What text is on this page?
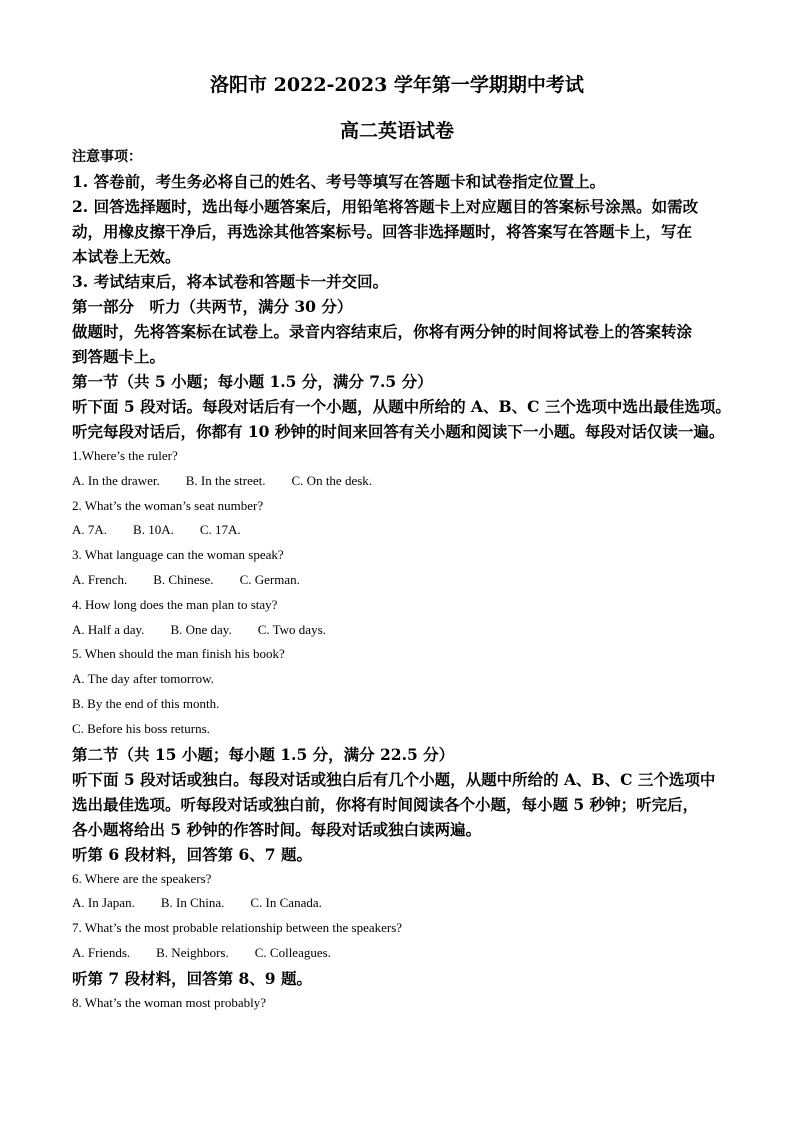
洛阳市 2022-2023 学年第一学期期中考试
高二英语试卷
注意事项：
1. 答卷前，考生务必将自己的姓名、考号等填写在答题卡和试卷指定位置上。
2. 回答选择题时，选出每小题答案后，用铅笔将答题卡上对应题目的答案标号涂黑。如需改
动，用橡皮擦干净后，再选涂其他答案标号。回答非选择题时，将答案写在答题卡上，写在
本试卷上无效。
3. 考试结束后，将本试卷和答题卡一并交回。
第一部分　听力（共两节，满分 30 分）
做题时，先将答案标在试卷上。录音内容结束后，你将有两分钟的时间将试卷上的答案转涂
到答题卡上。
第一节（共 5 小题；每小题 1.5 分，满分 7.5 分）
听下面 5 段对话。每段对话后有一个小题，从题中所给的 A、B、C 三个选项中选出最佳选项。
听完每段对话后，你都有 10 秒钟的时间来回答有关小题和阅读下一小题。每段对话仅读一遍。
1.Where’s the ruler?
A. In the drawer. B. In the street. C. On the desk.
2. What’s the woman’s seat number?
A. 7A. B. 10A. C. 17A.
3. What language can the woman speak?
A. French. B. Chinese. C. German.
4. How long does the man plan to stay?
A. Half a day. B. One day. C. Two days.
5. When should the man finish his book?
A. The day after tomorrow.
B. By the end of this month.
C. Before his boss returns.
第二节（共 15 小题；每小题 1.5 分，满分 22.5 分）
听下面 5 段对话或独白。每段对话或独白后有几个小题，从题中所给的 A、B、C 三个选项中
选出最佳选项。听每段对话或独白前，你将有时间阅读各个小题，每小题 5 秒钟；听完后，
各小题将给出 5 秒钟的作答时间。每段对话或独白读两遍。
听第 6 段材料，回答第 6、7 题。
6. Where are the speakers?
A. In Japan. B. In China. C. In Canada.
7. What’s the most probable relationship between the speakers?
A. Friends. B. Neighbors. C. Colleagues.
听第 7 段材料，回答第 8、9 题。
8. What’s the woman most probably?
